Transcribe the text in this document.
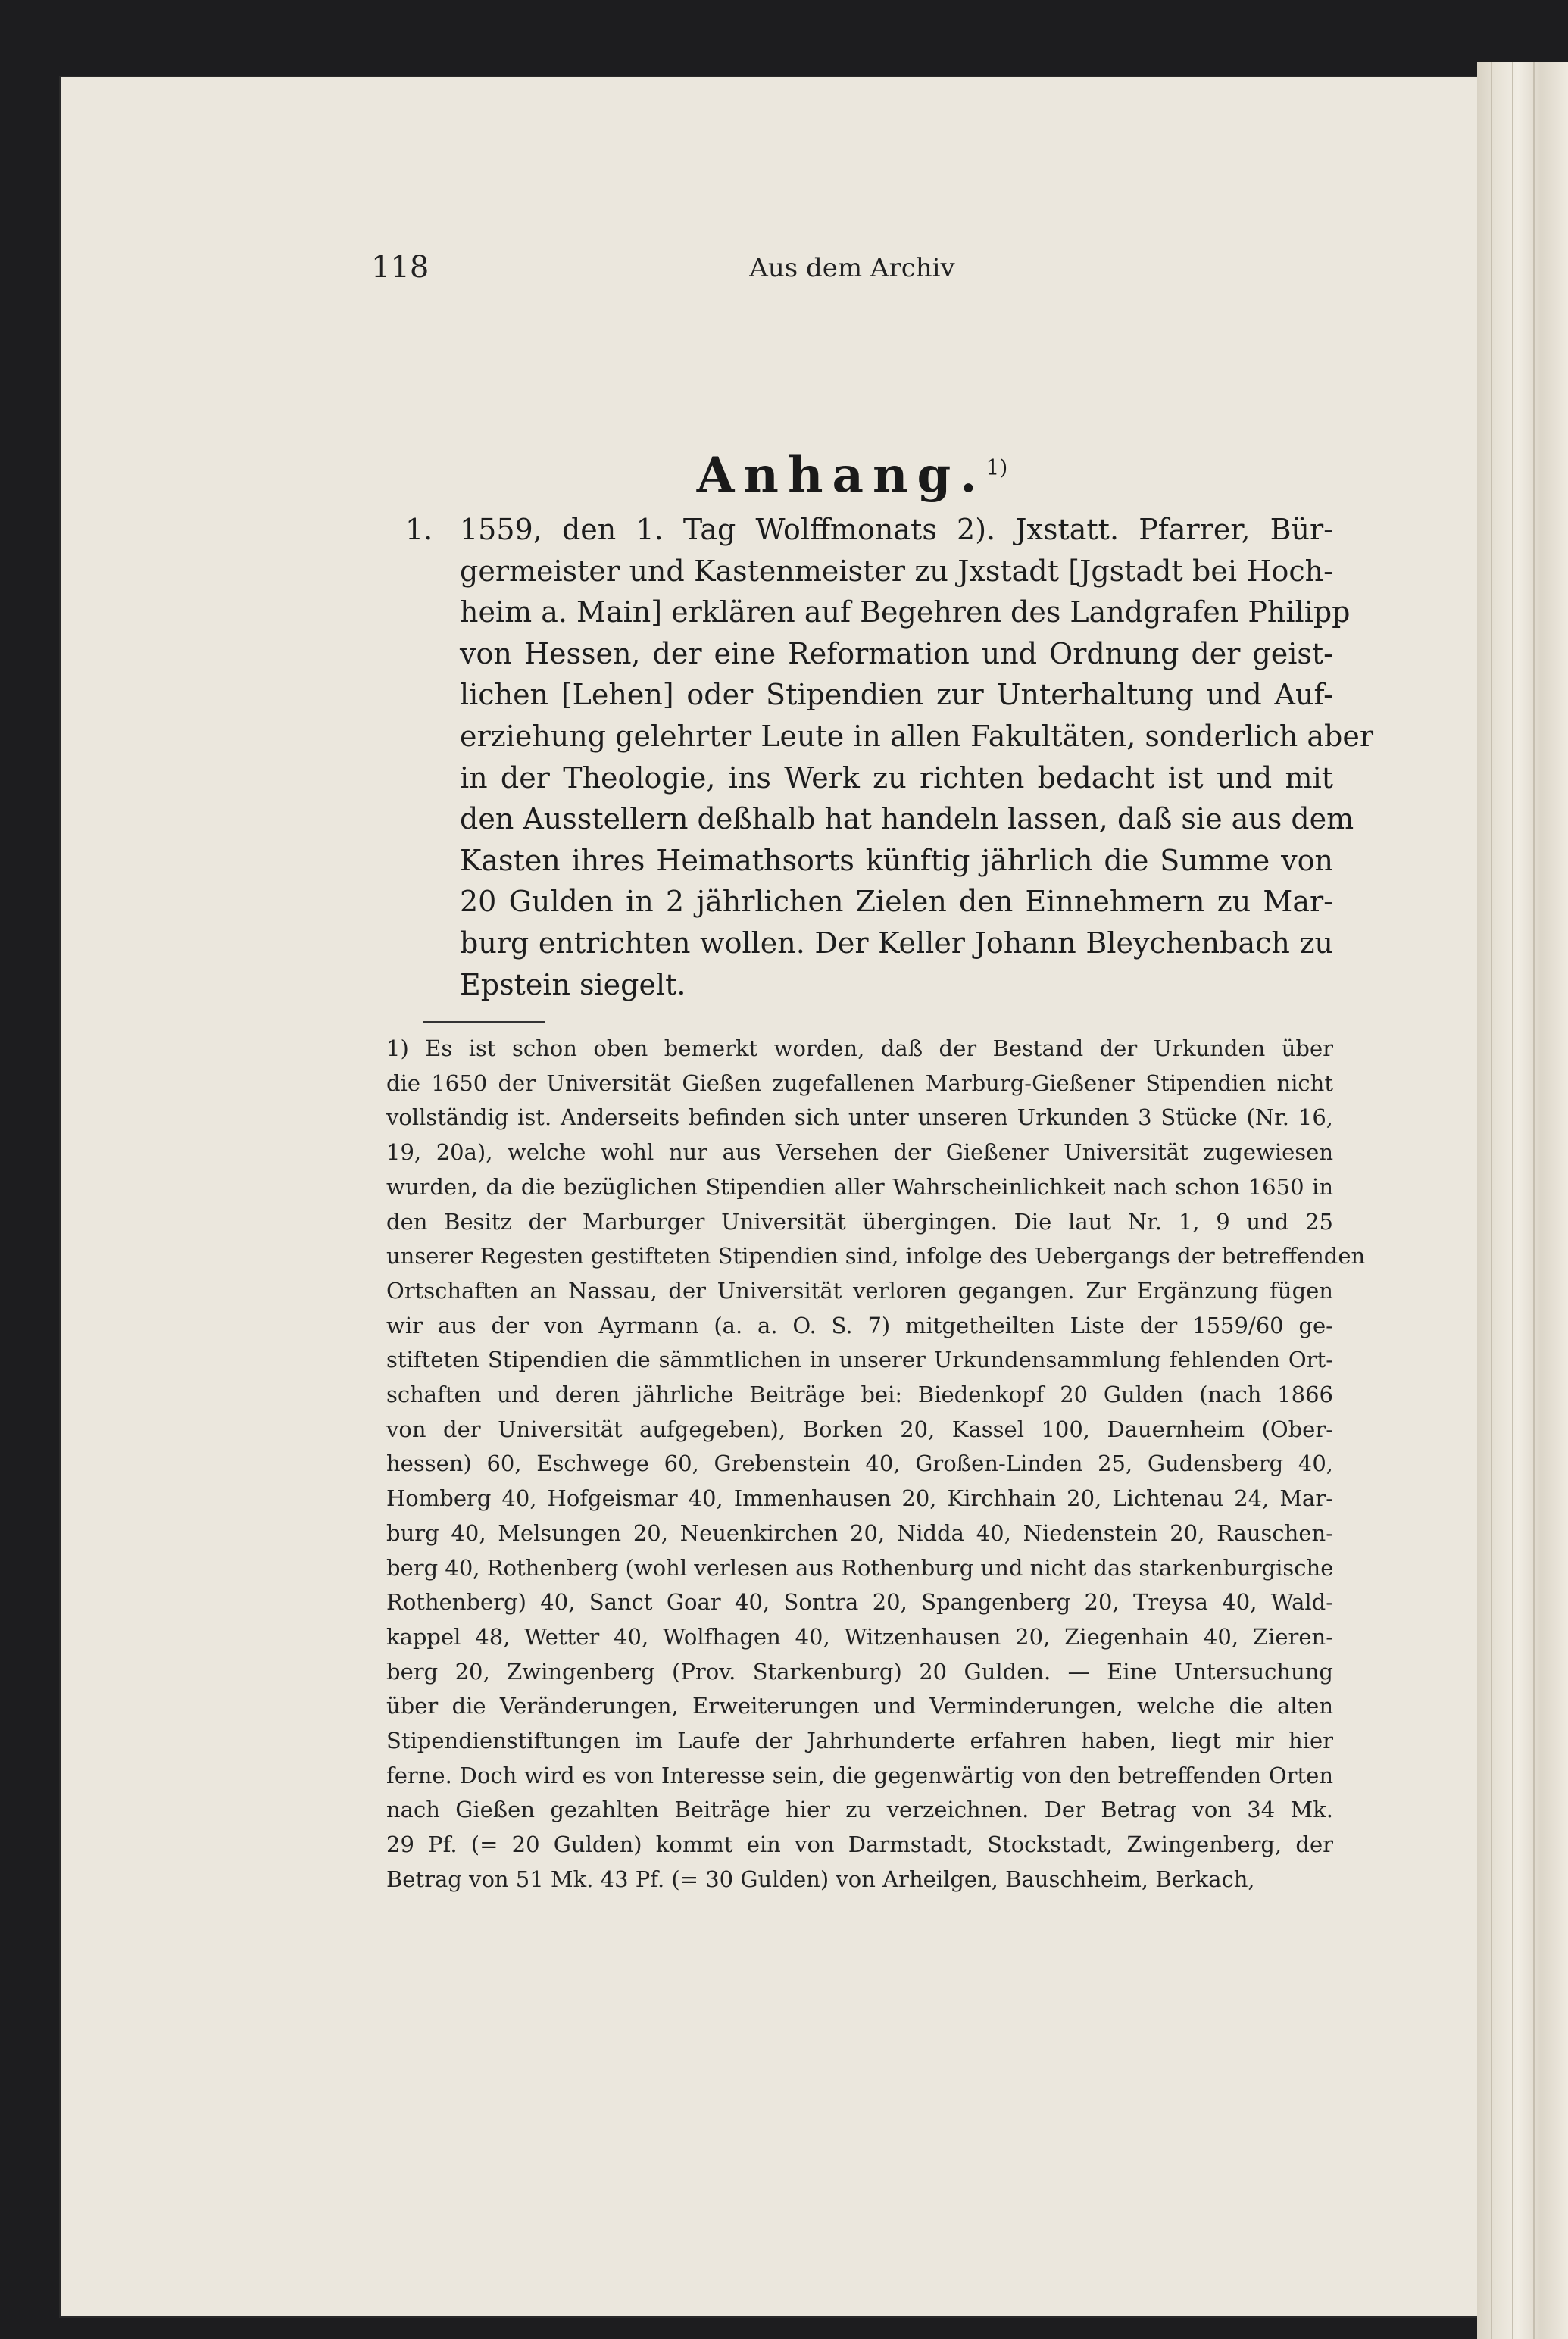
118	Aus dem Archiv
Anhang.$^{1)}$
1. 1559, den 1. Tag Wolffmonats 2). Jxstatt. Pfarrer, Bür-
germeister und Kastenmeister zu Jxstadt [Jgstadt bei Hoch-
heim a. Main] erklären auf Begehren des Landgrafen Philipp
von Hessen, der eine Reformation und Ordnung der geist-
lichen [Lehen] oder Stipendien zur Unterhaltung und Auf-
erziehung gelehrter Leute in allen Fakultäten, sonderlich aber
in der Theologie, ins Werk zu richten bedacht ist und mit
den Ausstellern deßhalb hat handeln lassen, daß sie aus dem
Kasten ihres Heimathsorts künftig jährlich die Summe von
20 Gulden in 2 jährlichen Zielen den Einnehmern zu Mar-
burg entrichten wollen. Der Keller Johann Bleychenbach zu
Epstein siegelt.
1) Es ist schon oben bemerkt worden, daß der Bestand der Urkunden über
die 1650 der Universität Gießen zugefallenen Marburg-Gießener Stipendien nicht
vollständig ist. Anderseits befinden sich unter unseren Urkunden 3 Stücke (Nr. 16,
19, 20a), welche wohl nur aus Versehen der Gießener Universität zugewiesen
wurden, da die bezüglichen Stipendien aller Wahrscheinlichkeit nach schon 1650 in
den Besitz der Marburger Universität übergingen. Die laut Nr. 1, 9 und 25
unserer Regesten gestifteten Stipendien sind, infolge des Uebergangs der betreffenden
Ortschaften an Nassau, der Universität verloren gegangen. Zur Ergänzung fügen
wir aus der von Ayrmann (a. a. O. S. 7) mitgetheilten Liste der 1559/60 ge-
stifteten Stipendien die sämmtlichen in unserer Urkundensammlung fehlenden Ort-
schaften und deren jährliche Beiträge bei: Biedenkopf 20 Gulden (nach 1866
von der Universität aufgegeben), Borken 20, Kassel 100, Dauernheim (Ober-
hessen) 60, Eschwege 60, Grebenstein 40, Großen-Linden 25, Gudensberg 40,
Homberg 40, Hofgeismar 40, Immenhausen 20, Kirchhain 20, Lichtenau 24, Mar-
burg 40, Melsungen 20, Neuenkirchen 20, Nidda 40, Niedenstein 20, Rauschen-
berg 40, Rothenberg (wohl verlesen aus Rothenburg und nicht das starkenburgische
Rothenberg) 40, Sanct Goar 40, Sontra 20, Spangenberg 20, Treysa 40, Wald-
kappel 48, Wetter 40, Wolfhagen 40, Witzenhausen 20, Ziegenhain 40, Zieren-
berg 20, Zwingenberg (Prov. Starkenburg) 20 Gulden. — Eine Untersuchung
über die Veränderungen, Erweiterungen und Verminderungen, welche die alten
Stipendienstiftungen im Laufe der Jahrhunderte erfahren haben, liegt mir hier
ferne. Doch wird es von Interesse sein, die gegenwärtig von den betreffenden Orten
nach Gießen gezahlten Beiträge hier zu verzeichnen. Der Betrag von 34 Mk.
29 Pf. (= 20 Gulden) kommt ein von Darmstadt, Stockstadt, Zwingenberg, der
Betrag von 51 Mk. 43 Pf. (= 30 Gulden) von Arheilgen, Bauschheim, Berkach,
